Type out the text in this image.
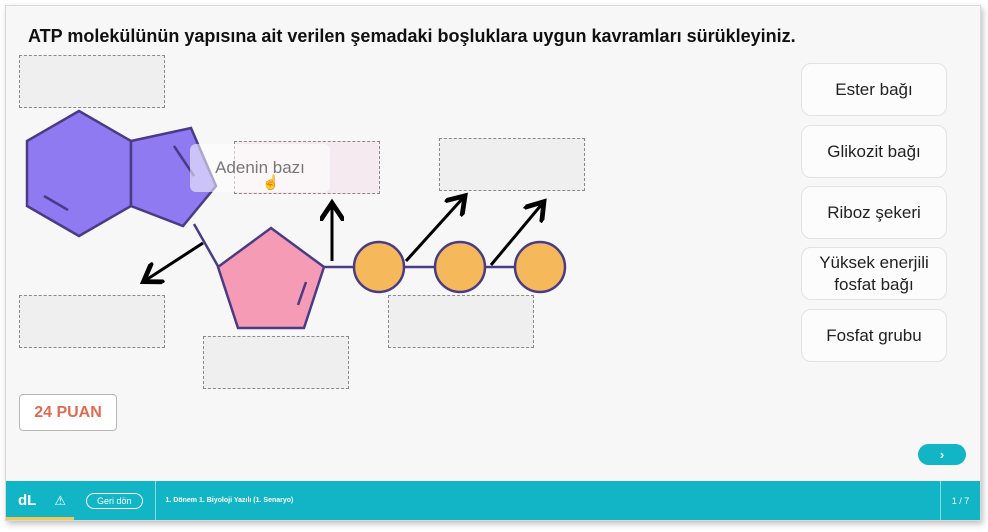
ATP molekülünün yapısına ait verilen şemadaki boşluklara uygun kavramları sürükleyiniz.
Adenin bazı
☝
Ester bağı
Glikozit bağı
Riboz şekeri
Yüksek enerjili fosfat bağı
Fosfat grubu
24 PUAN
›
dL ⚠	Geri dön	1. Dönem 1. Biyoloji Yazılı (1. Senaryo)	1 / 7
